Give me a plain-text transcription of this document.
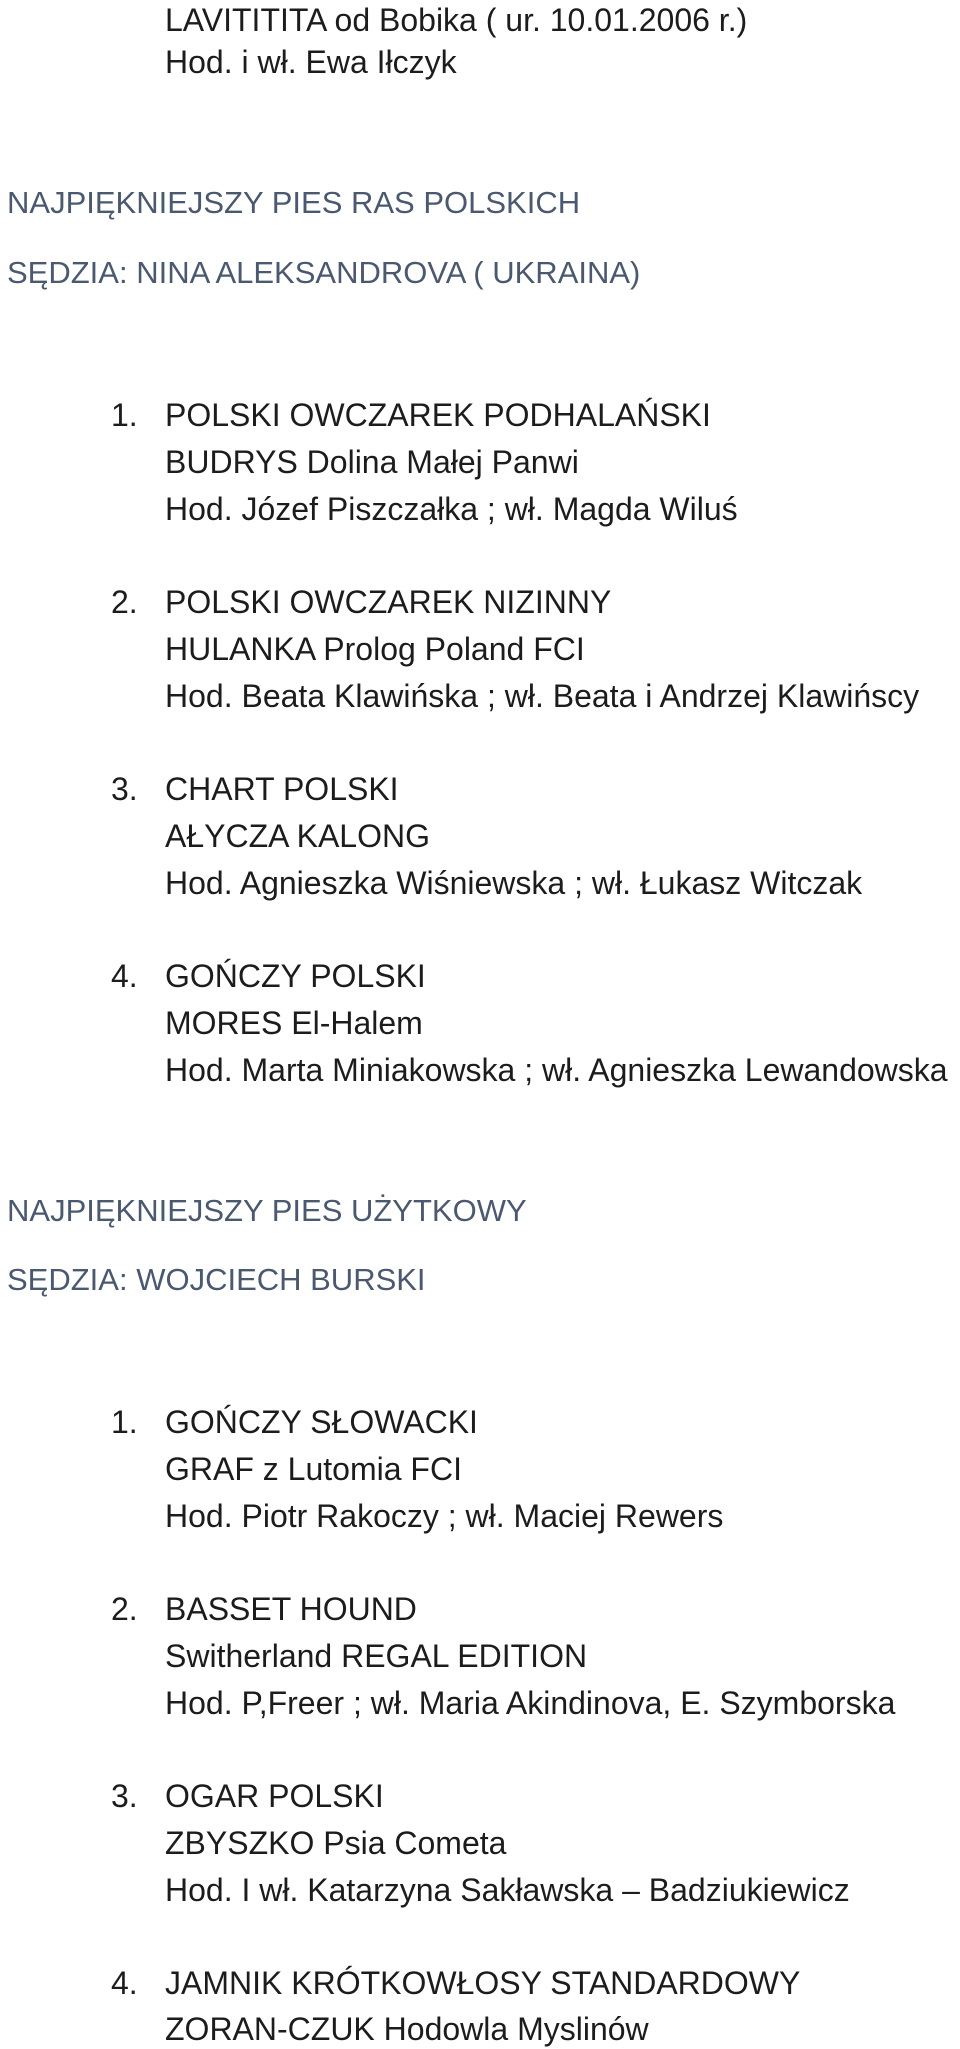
LAVITITITA od Bobika ( ur. 10.01.2006 r.)
Hod. i wł. Ewa Iłczyk
NAJPIĘKNIEJSZY PIES RAS POLSKICH
SĘDZIA: NINA ALEKSANDROVA ( UKRAINA)
1. POLSKI OWCZAREK PODHALAŃSKI
BUDRYS Dolina Małej Panwi
Hod. Józef Piszczałka ; wł. Magda Wiluś
2. POLSKI OWCZAREK NIZINNY
HULANKA Prolog Poland FCI
Hod. Beata Klawińska ; wł. Beata i Andrzej Klawińscy
3. CHART POLSKI
AŁYCZA KALONG
Hod. Agnieszka Wiśniewska ; wł. Łukasz Witczak
4. GOŃCZY POLSKI
MORES El-Halem
Hod. Marta Miniakowska ; wł. Agnieszka Lewandowska
NAJPIĘKNIEJSZY PIES UŻYTKOWY
SĘDZIA: WOJCIECH BURSKI
1. GOŃCZY SŁOWACKI
GRAF z Lutomia FCI
Hod. Piotr Rakoczy ; wł. Maciej Rewers
2. BASSET HOUND
Switherland REGAL EDITION
Hod. P,Freer ; wł. Maria Akindinova, E. Szymborska
3. OGAR POLSKI
ZBYSZKO Psia Cometa
Hod. I wł. Katarzyna Sakławska – Badziukiewicz
4. JAMNIK KRÓTKOWŁOSY STANDARDOWY
ZORAN-CZUK Hodowla Myslinów
